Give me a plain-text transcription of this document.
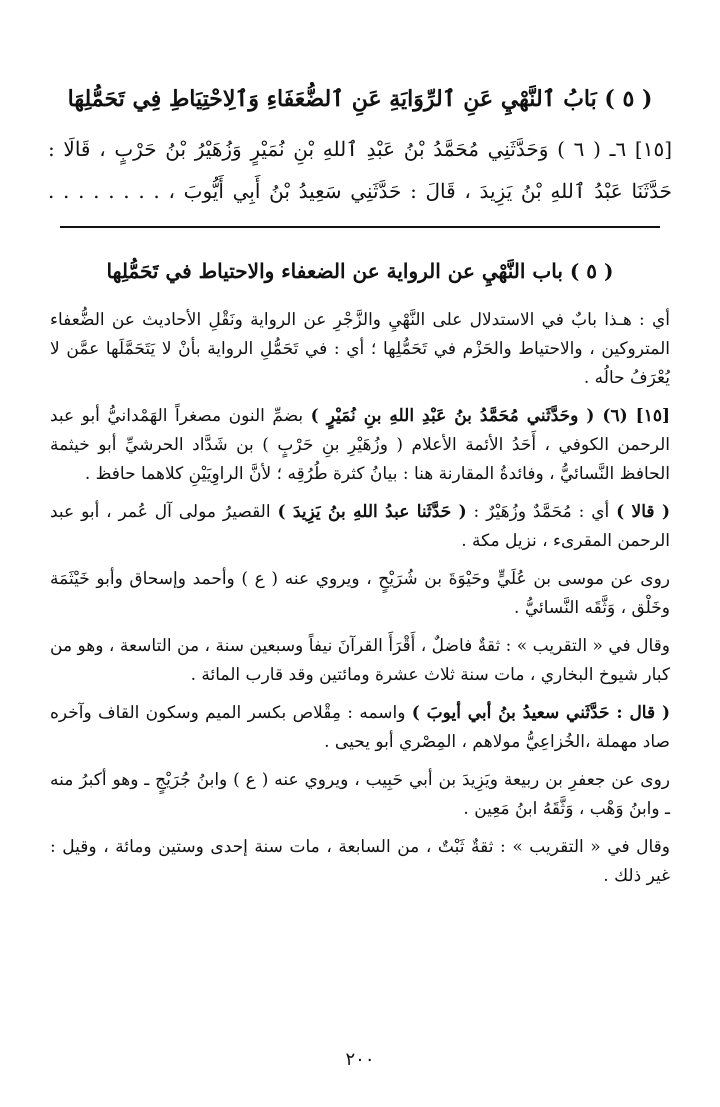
( ٥ ) بَابُ ٱلنَّهْيِ عَنِ ٱلرِّوَايَةِ عَنِ ٱلضُّعَفَاءِ وَٱلِاحْتِيَاطِ فِي تَحَمُّلِهَا

[١٥] ٦ـ ( ٦ ) وَحَدَّثَنِي مُحَمَّدُ بْنُ عَبْدِ ٱللهِ بْنِ نُمَيْرٍ وَزُهَيْرُ بْنُ حَرْبٍ ، قَالَا :

حَدَّثَنَا عَبْدُ ٱللهِ بْنُ يَزِيدَ ، قَالَ : حَدَّثَنِي سَعِيدُ بْنُ أَبِي أَيُّوبَ ، . . . . . . . .

( ٥ ) باب النَّهْيِ عن الرواية عن الضعفاء والاحتياط في تَحَمُّلِها

أي : هـذا بابٌ في الاستدلال على النَّهْيِ والزَّجْرِ عن الرواية ونَقْلِ الأحاديث عن الضُّعفاء المتروكين ، والاحتياط والحَزْم في تَحَمُّلِها ؛ أي : في تَحَمُّلِ الرواية بأنْ لا يَتَحَمَّلَها عمَّن لا يُعْرَفُ حالُه .

[١٥] (٦) ( وحَدَّثَني مُحَمَّدُ بنُ عَبْدِ اللهِ بنِ نُمَيْرٍ ) بضمِّ النون مصغراً الهَمْدانيُّ أبو عبد الرحمن الكوفي ، أَحَدُ الأئمة الأعلام ( وزُهَيْرِ بنِ حَرْبٍ ) بن شَدَّاد الحرشيِّ أبو خيثمة الحافظ النَّسائيُّ ، وفائدةُ المقارنة هنا : بيانُ كثرة طُرُقِه ؛ لأنَّ الراوِيَيْنِ كلاهما حافظ .

( قالا ) أي : مُحَمَّدٌ وزُهَيْرٌ : ( حَدَّثَنا عبدُ اللهِ بنُ يَزِيدَ ) القصيرُ مولى آل عُمر ، أبو عبد الرحمن المقرىء ، نزيل مكة .

روى عن موسى بن عُلَيٍّ وحَيْوَةَ بن شُرَيْحٍ ، ويروي عنه ( ع ) وأحمد وإسحاق وأبو خَيْثَمَة وخَلْق ، وَثَّقَه النَّسائيُّ .

وقال في « التقريب » : ثقةٌ فاضلٌ ، أَقْرَأَ القرآنَ نيفاً وسبعين سنة ، من التاسعة ، وهو من كبار شيوخ البخاري ، مات سنة ثلاث عشرة ومائتين وقد قارب المائة .

( قال : حَدَّثَني سعيدُ بنُ أبي أيوبَ ) واسمه : مِقْلاص بكسر الميم وسكون القاف وآخره صاد مهملة ،الخُزاعِيُّ مولاهم ، المِصْري أبو يحيى .

روى عن جعفرِ بن ربيعة ويَزِيدَ بن أبي حَبِيب ، ويروي عنه ( ع ) وابنُ جُرَيْجٍ ـ وهو أكبرُ منه ـ وابنُ وَهْب ، وَثَّقَهُ ابنُ مَعِين .

وقال في « التقريب » : ثقةٌ ثَبْتٌ ، من السابعة ، مات سنة إحدى وستين ومائة ، وقيل : غير ذلك .

٢٠٠
